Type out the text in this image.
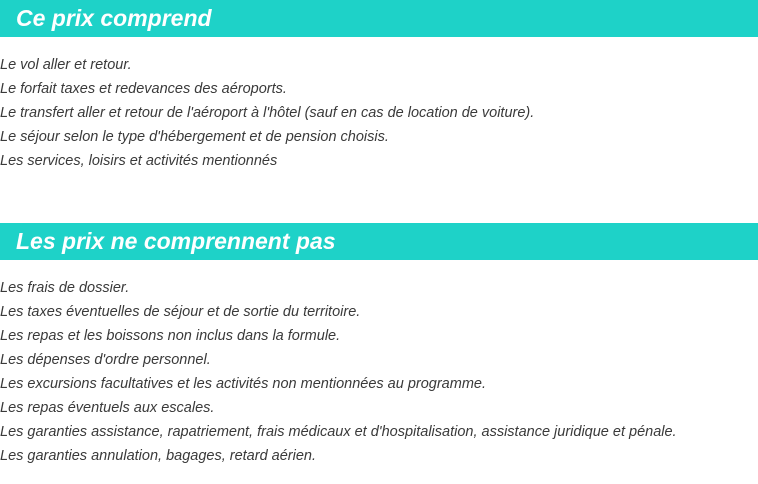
Ce prix comprend
Le vol aller et retour.
Le forfait taxes et redevances des aéroports.
Le transfert aller et retour de l'aéroport à l'hôtel (sauf en cas de location de voiture).
Le séjour selon le type d'hébergement et de pension choisis.
Les services, loisirs et activités mentionnés
Les prix ne comprennent pas
Les frais de dossier.
Les taxes éventuelles de séjour et de sortie du territoire.
Les repas et les boissons non inclus dans la formule.
Les dépenses d'ordre personnel.
Les excursions facultatives et les activités non mentionnées au programme.
Les repas éventuels aux escales.
Les garanties assistance, rapatriement, frais médicaux et d'hospitalisation, assistance juridique et pénale.
Les garanties annulation, bagages, retard aérien.
